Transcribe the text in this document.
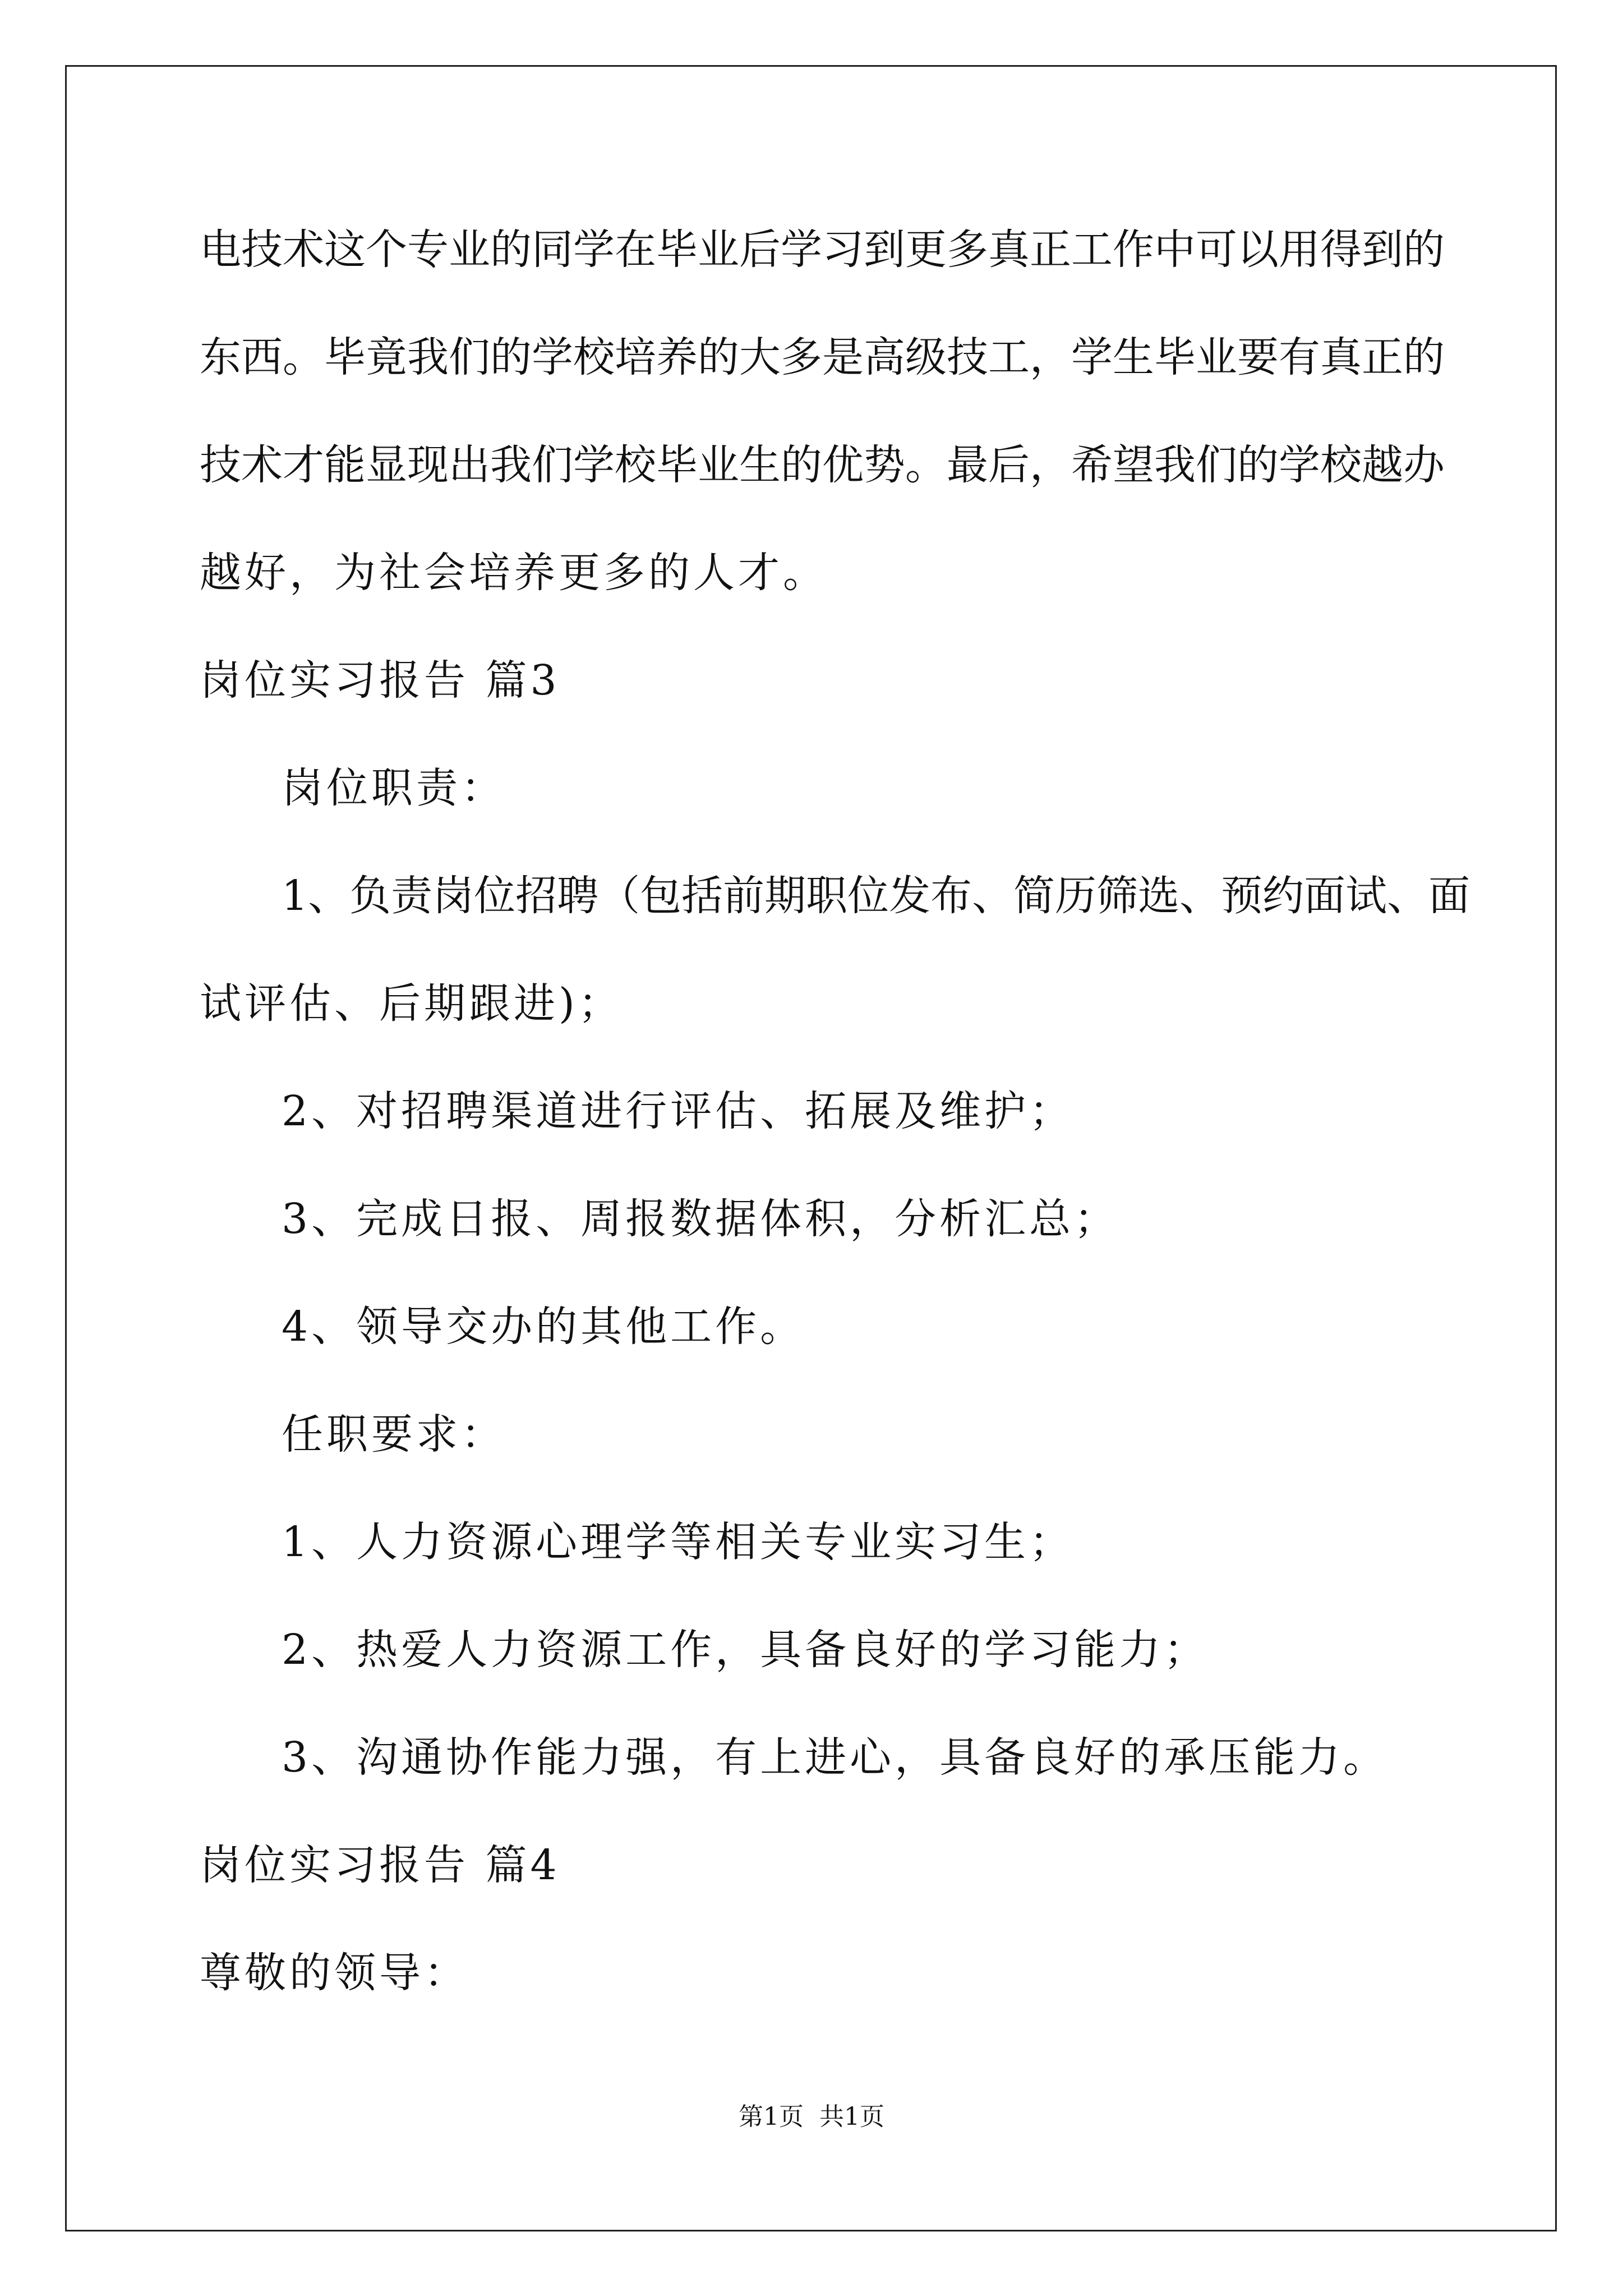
电技术这个专业的同学在毕业后学习到更多真正工作中可以用得到的
东西。毕竟我们的学校培养的大多是高级技工，学生毕业要有真正的
技术才能显现出我们学校毕业生的优势。最后，希望我们的学校越办
越好，为社会培养更多的人才。
岗位实习报告 篇3
岗位职责：
1、负责岗位招聘（包括前期职位发布、简历筛选、预约面试、面
试评估、后期跟进)；
2、对招聘渠道进行评估、拓展及维护；
3、完成日报、周报数据体积，分析汇总；
4、领导交办的其他工作。
任职要求：
1、人力资源心理学等相关专业实习生；
2、热爱人力资源工作，具备良好的学习能力；
3、沟通协作能力强，有上进心，具备良好的承压能力。
岗位实习报告 篇4
尊敬的领导：
第1页  共1页
